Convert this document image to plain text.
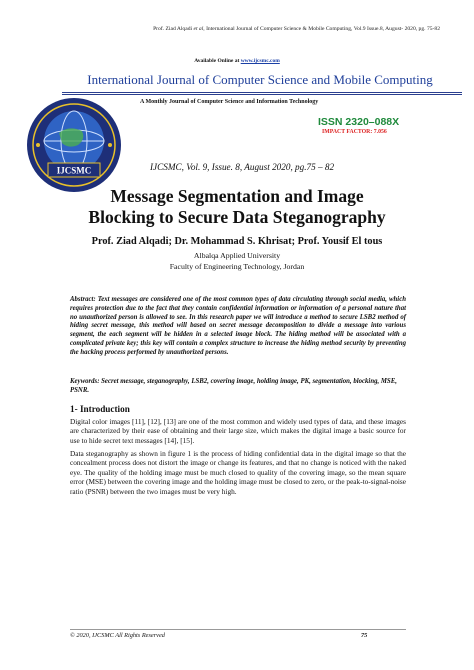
Prof. Ziad Alqadi et al, International Journal of Computer Science & Mobile Computing, Vol.9 Issue.8, August- 2020, pg. 75-82
Available Online at www.ijcsmc.com
IJCSMC
International Journal of Computer Science and Mobile Computing
A Monthly Journal of Computer Science and Information Technology
ISSN 2320–088X
IMPACT FACTOR: 7.056
IJCSMC, Vol. 9, Issue. 8, August 2020, pg.75 – 82
Message Segmentation and Image
Blocking to Secure Data Steganography
Prof. Ziad Alqadi; Dr. Mohammad S. Khrisat; Prof. Yousif El tous
Albalqa Applied University
Faculty of Engineering Technology, Jordan
Abstract: Text messages are considered one of the most common types of data circulating through social media, which requires protection due to the fact that they contain confidential information or information of a personal nature that no unauthorized person is allowed to see. In this research paper we will introduce a method to secure LSB2 method of hiding secret message, this method will based on secret message decomposition to divide a message into various segment, the each segment will be hidden in a selected image block. The hiding method will be associated with a complicated private key; this key will contain a complex structure to increase the hiding method security by preventing the hacking process performed by unauthorized persons.
Keywords: Secret message, steganography, LSB2, covering image, holding image, PK, segmentation, blocking, MSE, PSNR.
1- Introduction
Digital color images [11], [12], [13] are one of the most common and widely used types of data, and these images are characterized by their ease of obtaining and their large size, which makes the digital image a basic source for use to hide secret text messages [14], [15].
Data steganography as shown in figure 1 is the process of hiding confidential data in the digital image so that the concealment process does not distort the image or change its features, and that no change is noticed with the naked eye. The quality of the holding image must be much closed to quality of the covering image, so the mean square error (MSE) between the covering image and the holding image must be closed to zero, or the peak-to-signal-noise ratio (PSNR) between the two images must be very high.
© 2020, IJCSMC All Rights Reserved	75
